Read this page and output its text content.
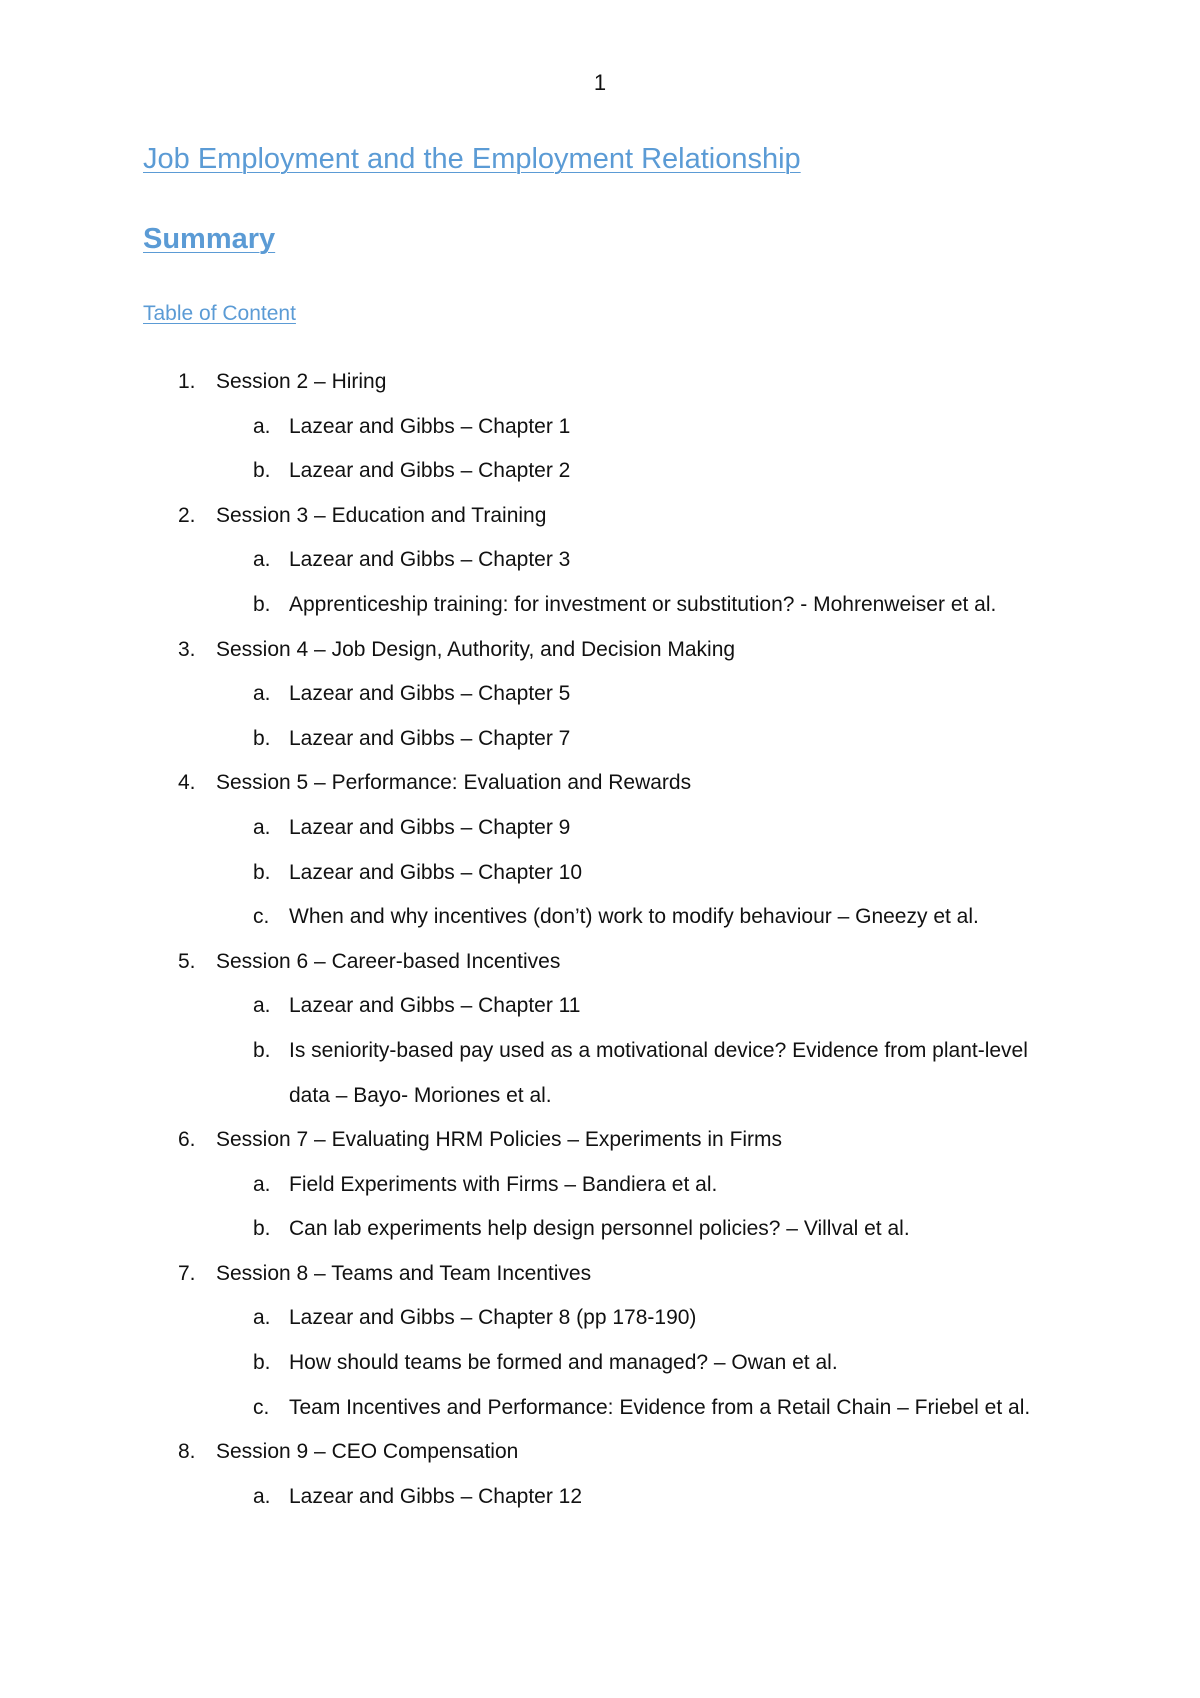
1
Job Employment and the Employment Relationship
Summary
Table of Content
1. Session 2 – Hiring
a. Lazear and Gibbs – Chapter 1
b. Lazear and Gibbs – Chapter 2
2. Session 3 – Education and Training
a. Lazear and Gibbs – Chapter 3
b. Apprenticeship training: for investment or substitution? - Mohrenweiser et al.
3. Session 4 – Job Design, Authority, and Decision Making
a. Lazear and Gibbs – Chapter 5
b. Lazear and Gibbs – Chapter 7
4. Session 5 – Performance: Evaluation and Rewards
a. Lazear and Gibbs – Chapter 9
b. Lazear and Gibbs – Chapter 10
c. When and why incentives (don’t) work to modify behaviour – Gneezy et al.
5. Session 6 – Career-based Incentives
a. Lazear and Gibbs – Chapter 11
b. Is seniority-based pay used as a motivational device? Evidence from plant-level data – Bayo- Moriones et al.
6. Session 7 – Evaluating HRM Policies – Experiments in Firms
a. Field Experiments with Firms – Bandiera et al.
b. Can lab experiments help design personnel policies? – Villval et al.
7. Session 8 – Teams and Team Incentives
a. Lazear and Gibbs – Chapter 8 (pp 178-190)
b. How should teams be formed and managed? – Owan et al.
c. Team Incentives and Performance: Evidence from a Retail Chain – Friebel et al.
8. Session 9 – CEO Compensation
a. Lazear and Gibbs – Chapter 12
